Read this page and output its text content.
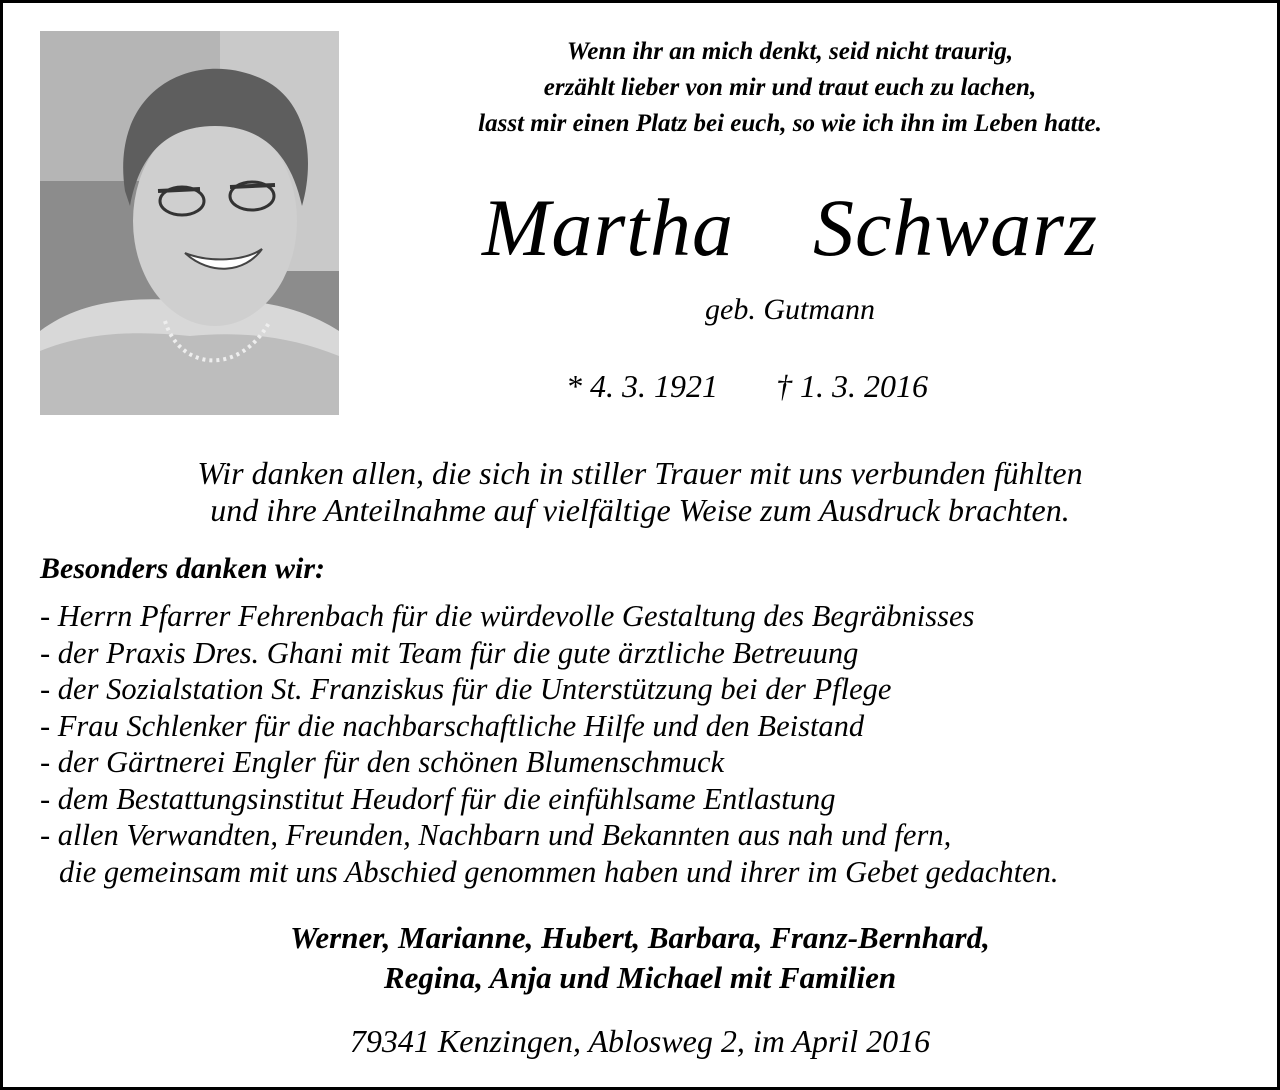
Wenn ihr an mich denkt, seid nicht traurig,
erzählt lieber von mir und traut euch zu lachen,
lasst mir einen Platz bei euch, so wie ich ihn im Leben hatte.
Martha  Schwarz
geb. Gutmann
* 4. 3. 1921 † 1. 3. 2016
Wir danken allen, die sich in stiller Trauer mit uns verbunden fühlten
und ihre Anteilnahme auf vielfältige Weise zum Ausdruck brachten.
Besonders danken wir:
- Herrn Pfarrer Fehrenbach für die würdevolle Gestaltung des Begräbnisses
- der Praxis Dres. Ghani mit Team für die gute ärztliche Betreuung
- der Sozialstation St. Franziskus für die Unterstützung bei der Pflege
- Frau Schlenker für die nachbarschaftliche Hilfe und den Beistand
- der Gärtnerei Engler für den schönen Blumenschmuck
- dem Bestattungsinstitut Heudorf für die einfühlsame Entlastung
- allen Verwandten, Freunden, Nachbarn und Bekannten aus nah und fern,
die gemeinsam mit uns Abschied genommen haben und ihrer im Gebet gedachten.
Werner, Marianne, Hubert, Barbara, Franz-Bernhard,
Regina, Anja und Michael mit Familien
79341 Kenzingen, Ablosweg 2, im April 2016
